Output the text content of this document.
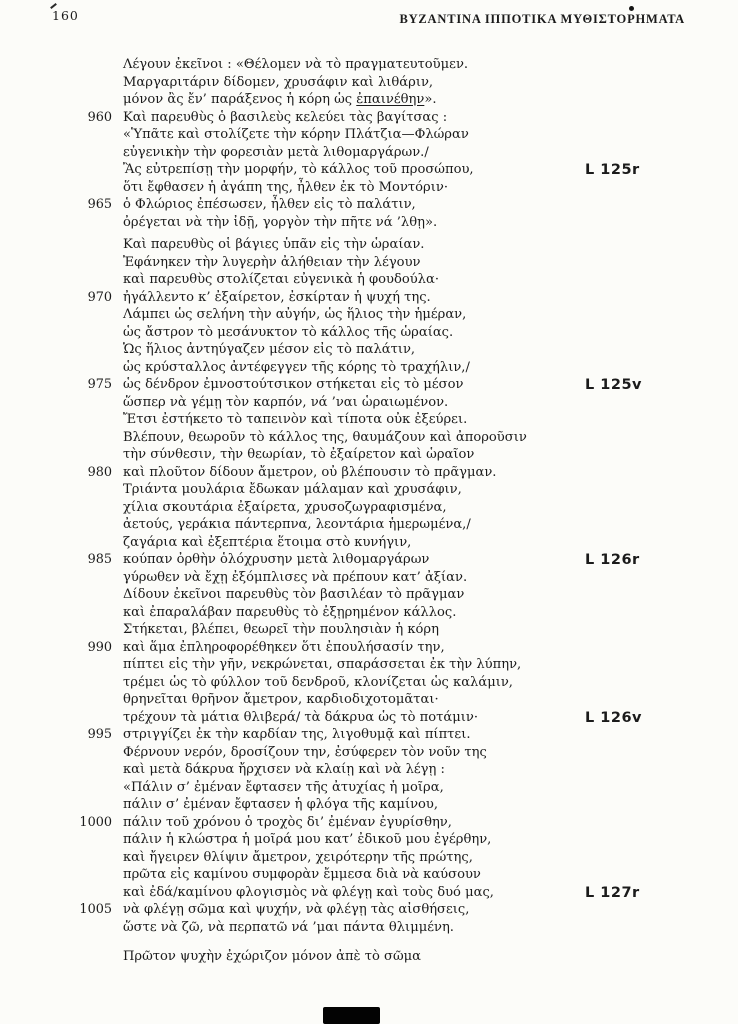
160	ΒΥΖΑΝΤΙΝΑ ΙΠΠΟΤΙΚΑ ΜΥΘΙΣΤΟΡΗΜΑΤΑ
Λέγουν ἐκεῖνοι : «Θέλομεν νὰ τὸ πραγματευτοῦμεν.
Μαργαριτάριν δίδομεν, χρυσάφιν καὶ λιθάριν,
μόνον ἂς ἔν’ παράξενος ἡ κόρη ὡς ἐπαινέθην».
960 Καὶ παρευθὺς ὁ βασιλεὺς κελεύει τὰς βαγίτσας :
«Ὑπᾶτε καὶ στολίζετε τὴν κόρην Πλάτζια—Φλώραν
εὐγενικὴν τὴν φορεσιὰν μετὰ λιθομαργάρων./
Ἂς εὐτρεπίσῃ τὴν μορφήν, τὸ κάλλος τοῦ προσώπου,	L 125r
ὅτι ἔφθασεν ἡ ἀγάπη της, ἦλθεν ἐκ τὸ Μοντόριν·
965 ὁ Φλώριος ἐπέσωσεν, ἦλθεν εἰς τὸ παλάτιν,
ὀρέγεται νὰ τὴν ἰδῇ, γοργὸν τὴν πῆτε νά ’λθῃ».
Καὶ παρευθὺς οἱ βάγιες ὑπᾶν εἰς τὴν ὡραίαν.
Ἐφάνηκεν τὴν λυγερὴν ἀλήθειαν τὴν λέγουν
καὶ παρευθὺς στολίζεται εὐγενικὰ ἡ φουδούλα·
970 ἠγάλλεντο κ’ ἐξαίρετον, ἐσκίρταν ἡ ψυχή της.
Λάμπει ὡς σελήνη τὴν αὐγήν, ὡς ἥλιος τὴν ἡμέραν,
ὡς ἄστρον τὸ μεσάνυκτον τὸ κάλλος τῆς ὡραίας.
Ὡς ἥλιος ἀντηύγαζεν μέσον εἰς τὸ παλάτιν,
ὡς κρύσταλλος ἀντέφεγγεν τῆς κόρης τὸ τραχήλιν,/
975 ὡς δένδρον ἐμνοστούτσικον στήκεται εἰς τὸ μέσον	L 125v
ὥσπερ νὰ γέμῃ τὸν καρπόν, νά ’ναι ὡραιωμένον.
Ἔτσι ἐστήκετο τὸ ταπεινὸν καὶ τίποτα οὐκ ἐξεύρει.
Βλέπουν, θεωροῦν τὸ κάλλος της, θαυμάζουν καὶ ἀποροῦσιν
τὴν σύνθεσιν, τὴν θεωρίαν, τὸ ἐξαίρετον καὶ ὡραῖον
980 καὶ πλοῦτον δίδουν ἄμετρον, οὐ βλέπουσιν τὸ πρᾶγμαν.
Τριάντα μουλάρια ἔδωκαν μάλαμαν καὶ χρυσάφιν,
χίλια σκουτάρια ἐξαίρετα, χρυσοζωγραφισμένα,
ἀετούς, γεράκια πάντερπνα, λεοντάρια ἡμερωμένα,/
ζαγάρια καὶ ἐξεπτέρια ἕτοιμα στὸ κυνήγιν,
985 κούπαν ὀρθὴν ὁλόχρυσην μετὰ λιθομαργάρων	L 126r
γύρωθεν νὰ ἔχῃ ἐξόμπλισες νὰ πρέπουν κατ’ ἀξίαν.
Δίδουν ἐκεῖνοι παρευθὺς τὸν βασιλέαν τὸ πρᾶγμαν
καὶ ἐπαραλάβαν παρευθὺς τὸ ἐξῃρημένον κάλλος.
Στήκεται, βλέπει, θεωρεῖ τὴν πουλησιὰν ἡ κόρη
990 καὶ ἅμα ἐπληροφορέθηκεν ὅτι ἐπουλήσασίν την,
πίπτει εἰς τὴν γῆν, νεκρώνεται, σπαράσσεται ἐκ τὴν λύπην,
τρέμει ὡς τὸ φύλλον τοῦ δενδροῦ, κλονίζεται ὡς καλάμιν,
θρηνεῖται θρῆνον ἄμετρον, καρδιοδιχοτομᾶται·
τρέχουν τὰ μάτια θλιβερά/ τὰ δάκρυα ὡς τὸ ποτάμιν·	L 126v
995 στριγγίζει ἐκ τὴν καρδίαν της, λιγοθυμᾷ καὶ πίπτει.
Φέρνουν νερόν, δροσίζουν την, ἐσύφερεν τὸν νοῦν της
καὶ μετὰ δάκρυα ἤρχισεν νὰ κλαίῃ καὶ νὰ λέγῃ :
«Πάλιν σ’ ἐμέναν ἔφτασεν τῆς ἀτυχίας ἡ μοῖρα,
πάλιν σ’ ἐμέναν ἔφτασεν ἡ φλόγα τῆς καμίνου,
1000 πάλιν τοῦ χρόνου ὁ τροχὸς δι’ ἐμέναν ἐγυρίσθην,
πάλιν ἡ κλώστρα ἡ μοῖρά μου κατ’ ἐδικοῦ μου ἐγέρθην,
καὶ ἤγειρεν θλίψιν ἄμετρον, χειρότερην τῆς πρώτης,
πρῶτα εἰς καμίνου συμφορὰν ἔμμεσα διὰ νὰ καύσουν
καὶ ἐδά/καμίνου φλογισμὸς νὰ φλέγῃ καὶ τοὺς δυό μας,	L 127r
1005 νὰ φλέγῃ σῶμα καὶ ψυχήν, νὰ φλέγῃ τὰς αἰσθήσεις,
ὥστε νὰ ζῶ, νὰ περπατῶ νά ’μαι πάντα θλιμμένη.
Πρῶτον ψυχὴν ἐχώριζον μόνον ἀπὲ τὸ σῶμα
